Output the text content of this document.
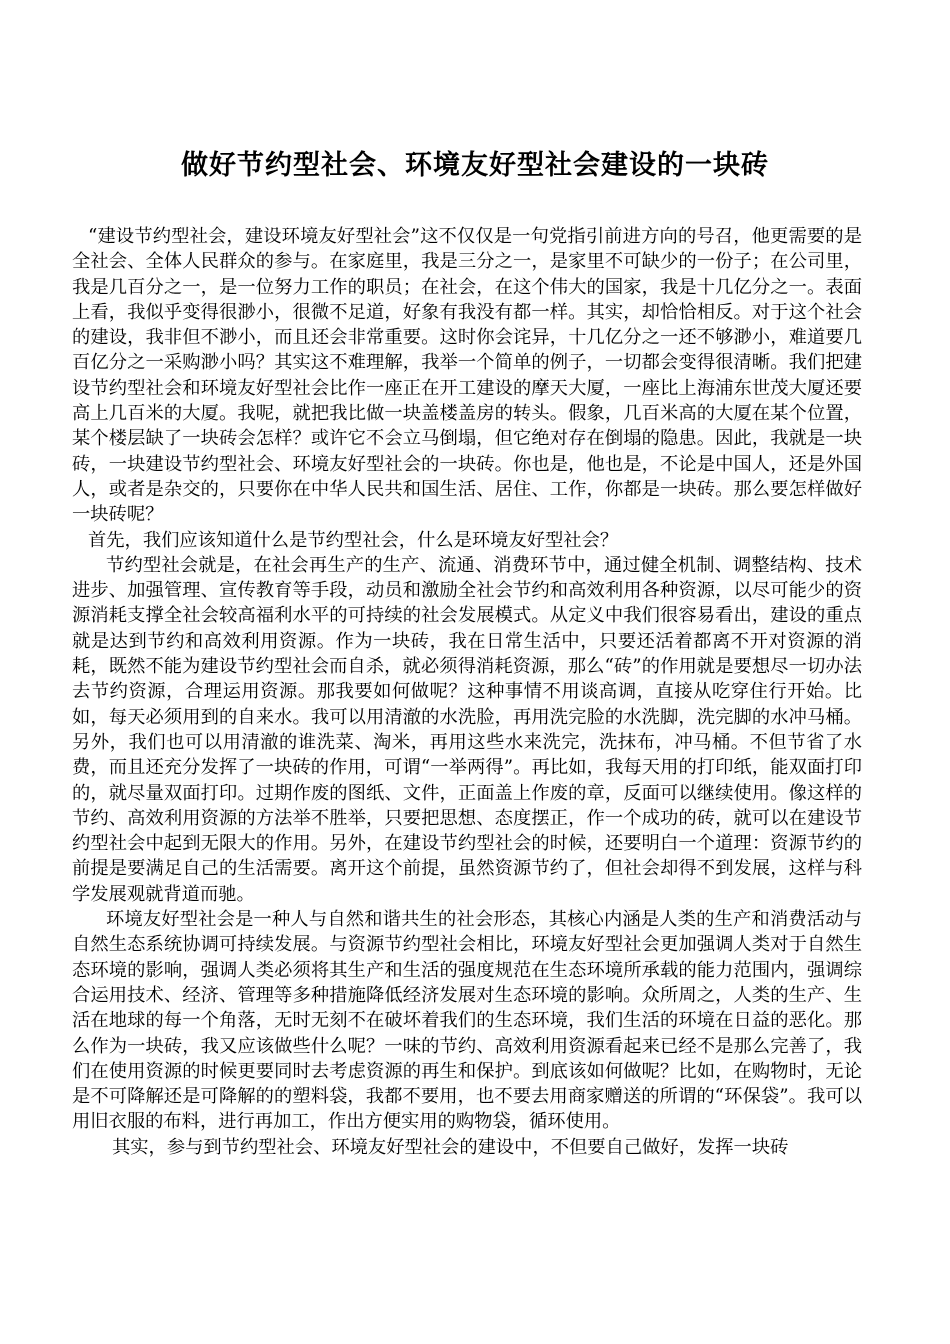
做好节约型社会、环境友好型社会建设的一块砖

“建设节约型社会，建设环境友好型社会”这不仅仅是一句党指引前进方向的号召，他更需要的是全社会、全体人民群众的参与。在家庭里，我是三分之一，是家里不可缺少的一份子；在公司里，我是几百分之一，是一位努力工作的职员；在社会，在这个伟大的国家，我是十几亿分之一。表面上看，我似乎变得很渺小，很微不足道，好象有我没有都一样。其实，却恰恰相反。对于这个社会的建设，我非但不渺小，而且还会非常重要。这时你会诧异，十几亿分之一还不够渺小，难道要几百亿分之一采购渺小吗？其实这不难理解，我举一个简单的例子，一切都会变得很清晰。我们把建设节约型社会和环境友好型社会比作一座正在开工建设的摩天大厦，一座比上海浦东世茂大厦还要高上几百米的大厦。我呢，就把我比做一块盖楼盖房的转头。假象，几百米高的大厦在某个位置，某个楼层缺了一块砖会怎样？或许它不会立马倒塌，但它绝对存在倒塌的隐患。因此，我就是一块砖，一块建设节约型社会、环境友好型社会的一块砖。你也是，他也是，不论是中国人，还是外国人，或者是杂交的，只要你在中华人民共和国生活、居住、工作，你都是一块砖。那么要怎样做好一块砖呢？

首先，我们应该知道什么是节约型社会，什么是环境友好型社会？

节约型社会就是，在社会再生产的生产、流通、消费环节中，通过健全机制、调整结构、技术进步、加强管理、宣传教育等手段，动员和激励全社会节约和高效利用各种资源，以尽可能少的资源消耗支撑全社会较高福利水平的可持续的社会发展模式。从定义中我们很容易看出，建设的重点就是达到节约和高效利用资源。作为一块砖，我在日常生活中，只要还活着都离不开对资源的消耗，既然不能为建设节约型社会而自杀，就必须得消耗资源，那么“砖”的作用就是要想尽一切办法去节约资源，合理运用资源。那我要如何做呢？这种事情不用谈高调，直接从吃穿住行开始。比如，每天必须用到的自来水。我可以用清澈的水洗脸，再用洗完脸的水洗脚，洗完脚的水冲马桶。另外，我们也可以用清澈的谁洗菜、淘米，再用这些水来洗完，洗抹布，冲马桶。不但节省了水费，而且还充分发挥了一块砖的作用，可谓“一举两得”。再比如，我每天用的打印纸，能双面打印的，就尽量双面打印。过期作废的图纸、文件，正面盖上作废的章，反面可以继续使用。像这样的节约、高效利用资源的方法举不胜举，只要把思想、态度摆正，作一个成功的砖，就可以在建设节约型社会中起到无限大的作用。另外，在建设节约型社会的时候，还要明白一个道理：资源节约的前提是要满足自己的生活需要。离开这个前提，虽然资源节约了，但社会却得不到发展，这样与科学发展观就背道而驰。

环境友好型社会是一种人与自然和谐共生的社会形态，其核心内涵是人类的生产和消费活动与自然生态系统协调可持续发展。与资源节约型社会相比，环境友好型社会更加强调人类对于自然生态环境的影响，强调人类必须将其生产和生活的强度规范在生态环境所承载的能力范围内，强调综合运用技术、经济、管理等多种措施降低经济发展对生态环境的影响。众所周之，人类的生产、生活在地球的每一个角落，无时无刻不在破坏着我们的生态环境，我们生活的环境在日益的恶化。那么作为一块砖，我又应该做些什么呢？一味的节约、高效利用资源看起来已经不是那么完善了，我们在使用资源的时候更要同时去考虑资源的再生和保护。到底该如何做呢？比如，在购物时，无论是不可降解还是可降解的的塑料袋，我都不要用，也不要去用商家赠送的所谓的“环保袋”。我可以用旧衣服的布料，进行再加工，作出方便实用的购物袋，循环使用。

其实，参与到节约型社会、环境友好型社会的建设中，不但要自己做好，发挥一块砖
